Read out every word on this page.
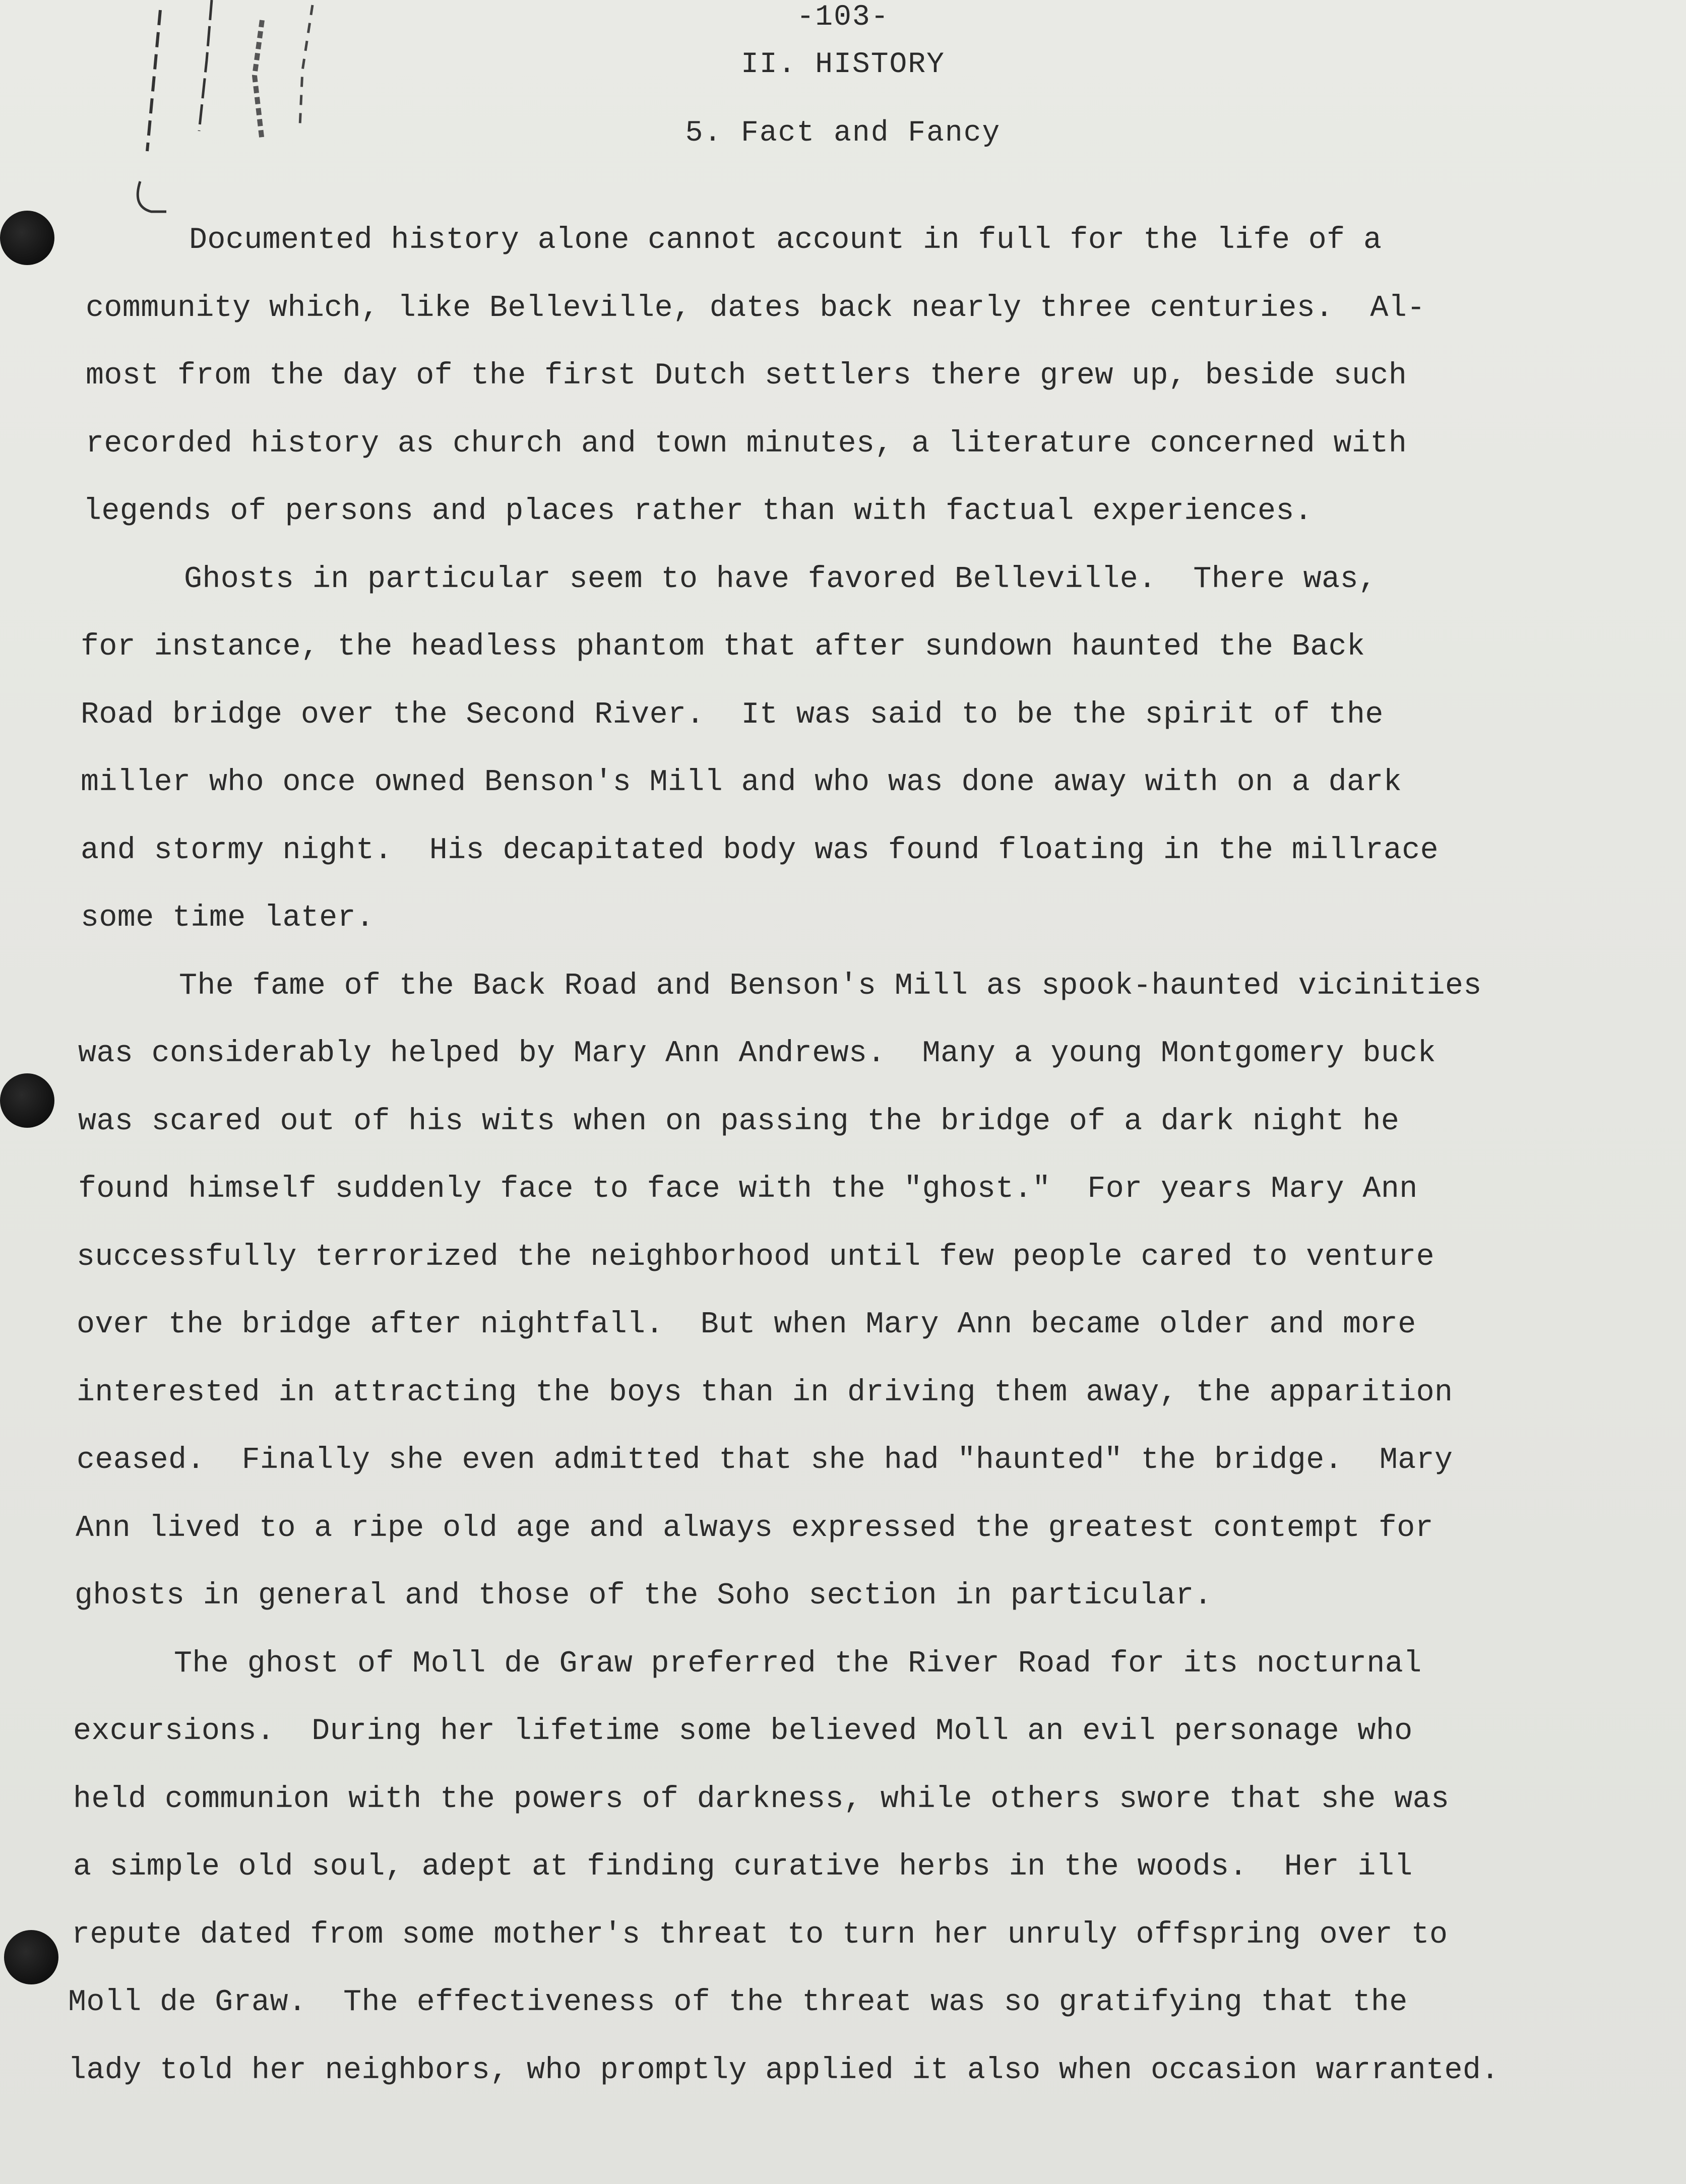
-103-
II. HISTORY
5. Fact and Fancy
Documented history alone cannot account in full for the life of a
community which, like Belleville, dates back nearly three centuries.  Al-
most from the day of the first Dutch settlers there grew up, beside such
recorded history as church and town minutes, a literature concerned with
legends of persons and places rather than with factual experiences.
Ghosts in particular seem to have favored Belleville.  There was,
for instance, the headless phantom that after sundown haunted the Back
Road bridge over the Second River.  It was said to be the spirit of the
miller who once owned Benson's Mill and who was done away with on a dark
and stormy night.  His decapitated body was found floating in the millrace
some time later.
The fame of the Back Road and Benson's Mill as spook-haunted vicinities
was considerably helped by Mary Ann Andrews.  Many a young Montgomery buck
was scared out of his wits when on passing the bridge of a dark night he
found himself suddenly face to face with the "ghost."  For years Mary Ann
successfully terrorized the neighborhood until few people cared to venture
over the bridge after nightfall.  But when Mary Ann became older and more
interested in attracting the boys than in driving them away, the apparition
ceased.  Finally she even admitted that she had "haunted" the bridge.  Mary
Ann lived to a ripe old age and always expressed the greatest contempt for
ghosts in general and those of the Soho section in particular.
The ghost of Moll de Graw preferred the River Road for its nocturnal
excursions.  During her lifetime some believed Moll an evil personage who
held communion with the powers of darkness, while others swore that she was
a simple old soul, adept at finding curative herbs in the woods.  Her ill
repute dated from some mother's threat to turn her unruly offspring over to
Moll de Graw.  The effectiveness of the threat was so gratifying that the
lady told her neighbors, who promptly applied it also when occasion warranted.
